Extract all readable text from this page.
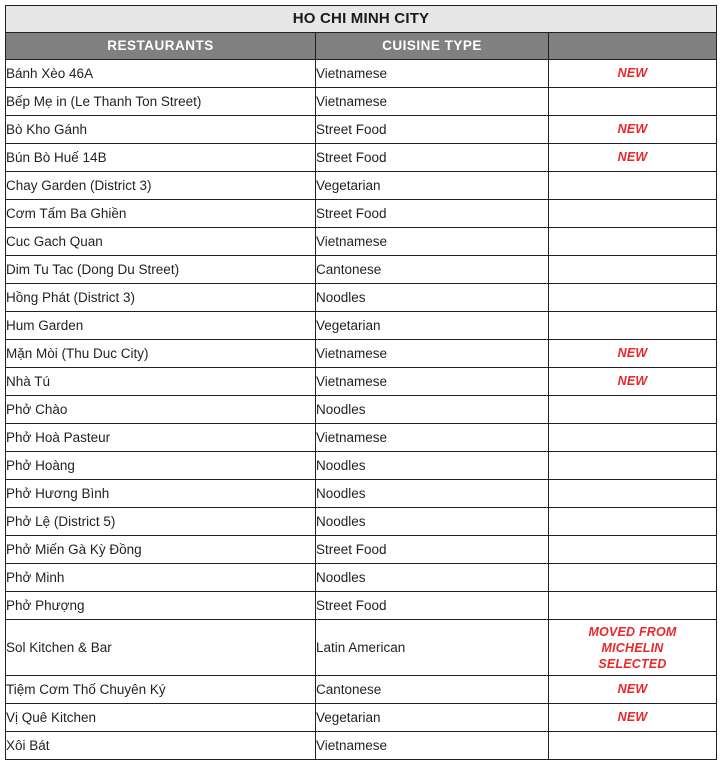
HO CHI MINH CITY		

RESTAURANTS	CUISINE TYPE	
Bánh Xèo 46A	Vietnamese	NEW
Bếp Mẹ in (Le Thanh Ton Street)	Vietnamese	
Bò Kho Gánh	Street Food	NEW
Bún Bò Huế 14B	Street Food	NEW
Chay Garden (District 3)	Vegetarian	
Cơm Tấm Ba Ghiền	Street Food	
Cuc Gach Quan	Vietnamese	
Dim Tu Tac (Dong Du Street)	Cantonese	
Hồng Phát (District 3)	Noodles	
Hum Garden	Vegetarian	
Mặn Mòi (Thu Duc City)	Vietnamese	NEW
Nhà Tú	Vietnamese	NEW
Phở Chào	Noodles	
Phở Hoà Pasteur	Vietnamese	
Phở Hoàng	Noodles	
Phở Hương Bình	Noodles	
Phở Lệ (District 5)	Noodles	
Phở Miến Gà Kỳ Đồng	Street Food	
Phở Minh	Noodles	
Phở Phượng	Street Food	
Sol Kitchen & Bar	Latin American	MOVED FROM
MICHELIN
SELECTED

Tiệm Cơm Thố Chuyên Ký	Cantonese	NEW
Vị Quê Kitchen	Vegetarian	NEW
Xôi Bát	Vietnamese	
